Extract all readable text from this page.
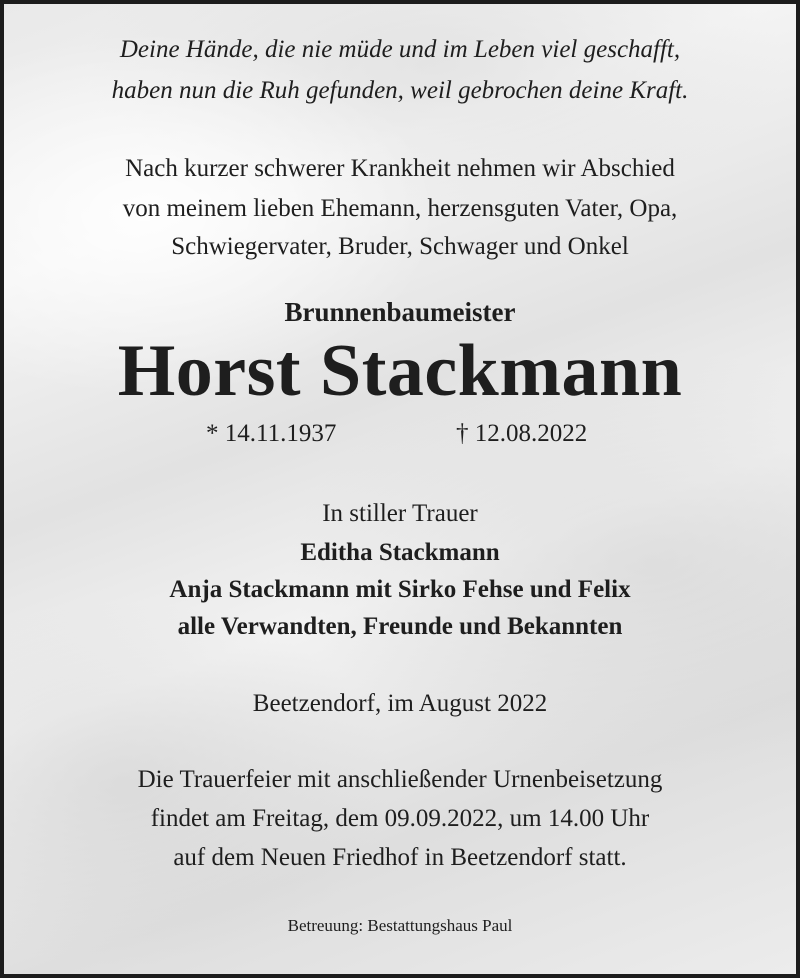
Deine Hände, die nie müde und im Leben viel geschafft,
haben nun die Ruh gefunden, weil gebrochen deine Kraft.
Nach kurzer schwerer Krankheit nehmen wir Abschied
von meinem lieben Ehemann, herzensguten Vater, Opa,
Schwiegervater, Bruder, Schwager und Onkel
Brunnenbaumeister
Horst Stackmann
* 14.11.1937	† 12.08.2022
In stiller Trauer
Editha Stackmann
Anja Stackmann mit Sirko Fehse und Felix
alle Verwandten, Freunde und Bekannten
Beetzendorf, im August 2022
Die Trauerfeier mit anschließender Urnenbeisetzung
findet am Freitag, dem 09.09.2022, um 14.00 Uhr
auf dem Neuen Friedhof in Beetzendorf statt.
Betreuung: Bestattungshaus Paul
